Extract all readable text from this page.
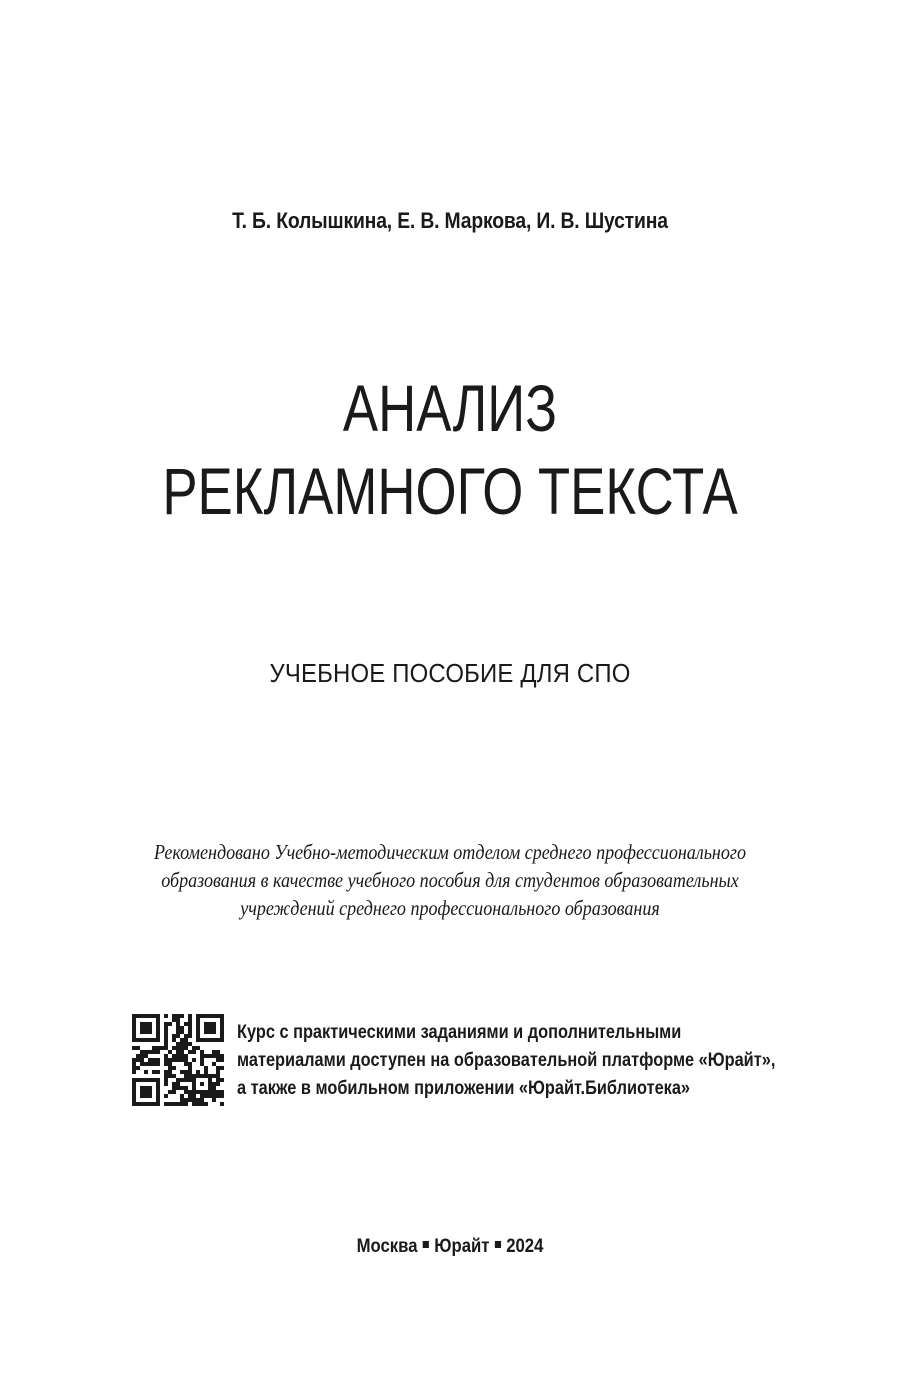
Т. Б. Колышкина, Е. В. Маркова, И. В. Шустина
АНАЛИЗ
РЕКЛАМНОГО ТЕКСТА
УЧЕБНОЕ ПОСОБИЕ ДЛЯ СПО
Рекомендовано Учебно-методическим отделом среднего профессионального
образования в качестве учебного пособия для студентов образовательных
учреждений среднего профессионального образования
Курс с практическими заданиями и дополнительными
материалами доступен на образовательной платформе «Юрайт»,
а также в мобильном приложении «Юрайт.Библиотека»
Москва Юрайт 2024
